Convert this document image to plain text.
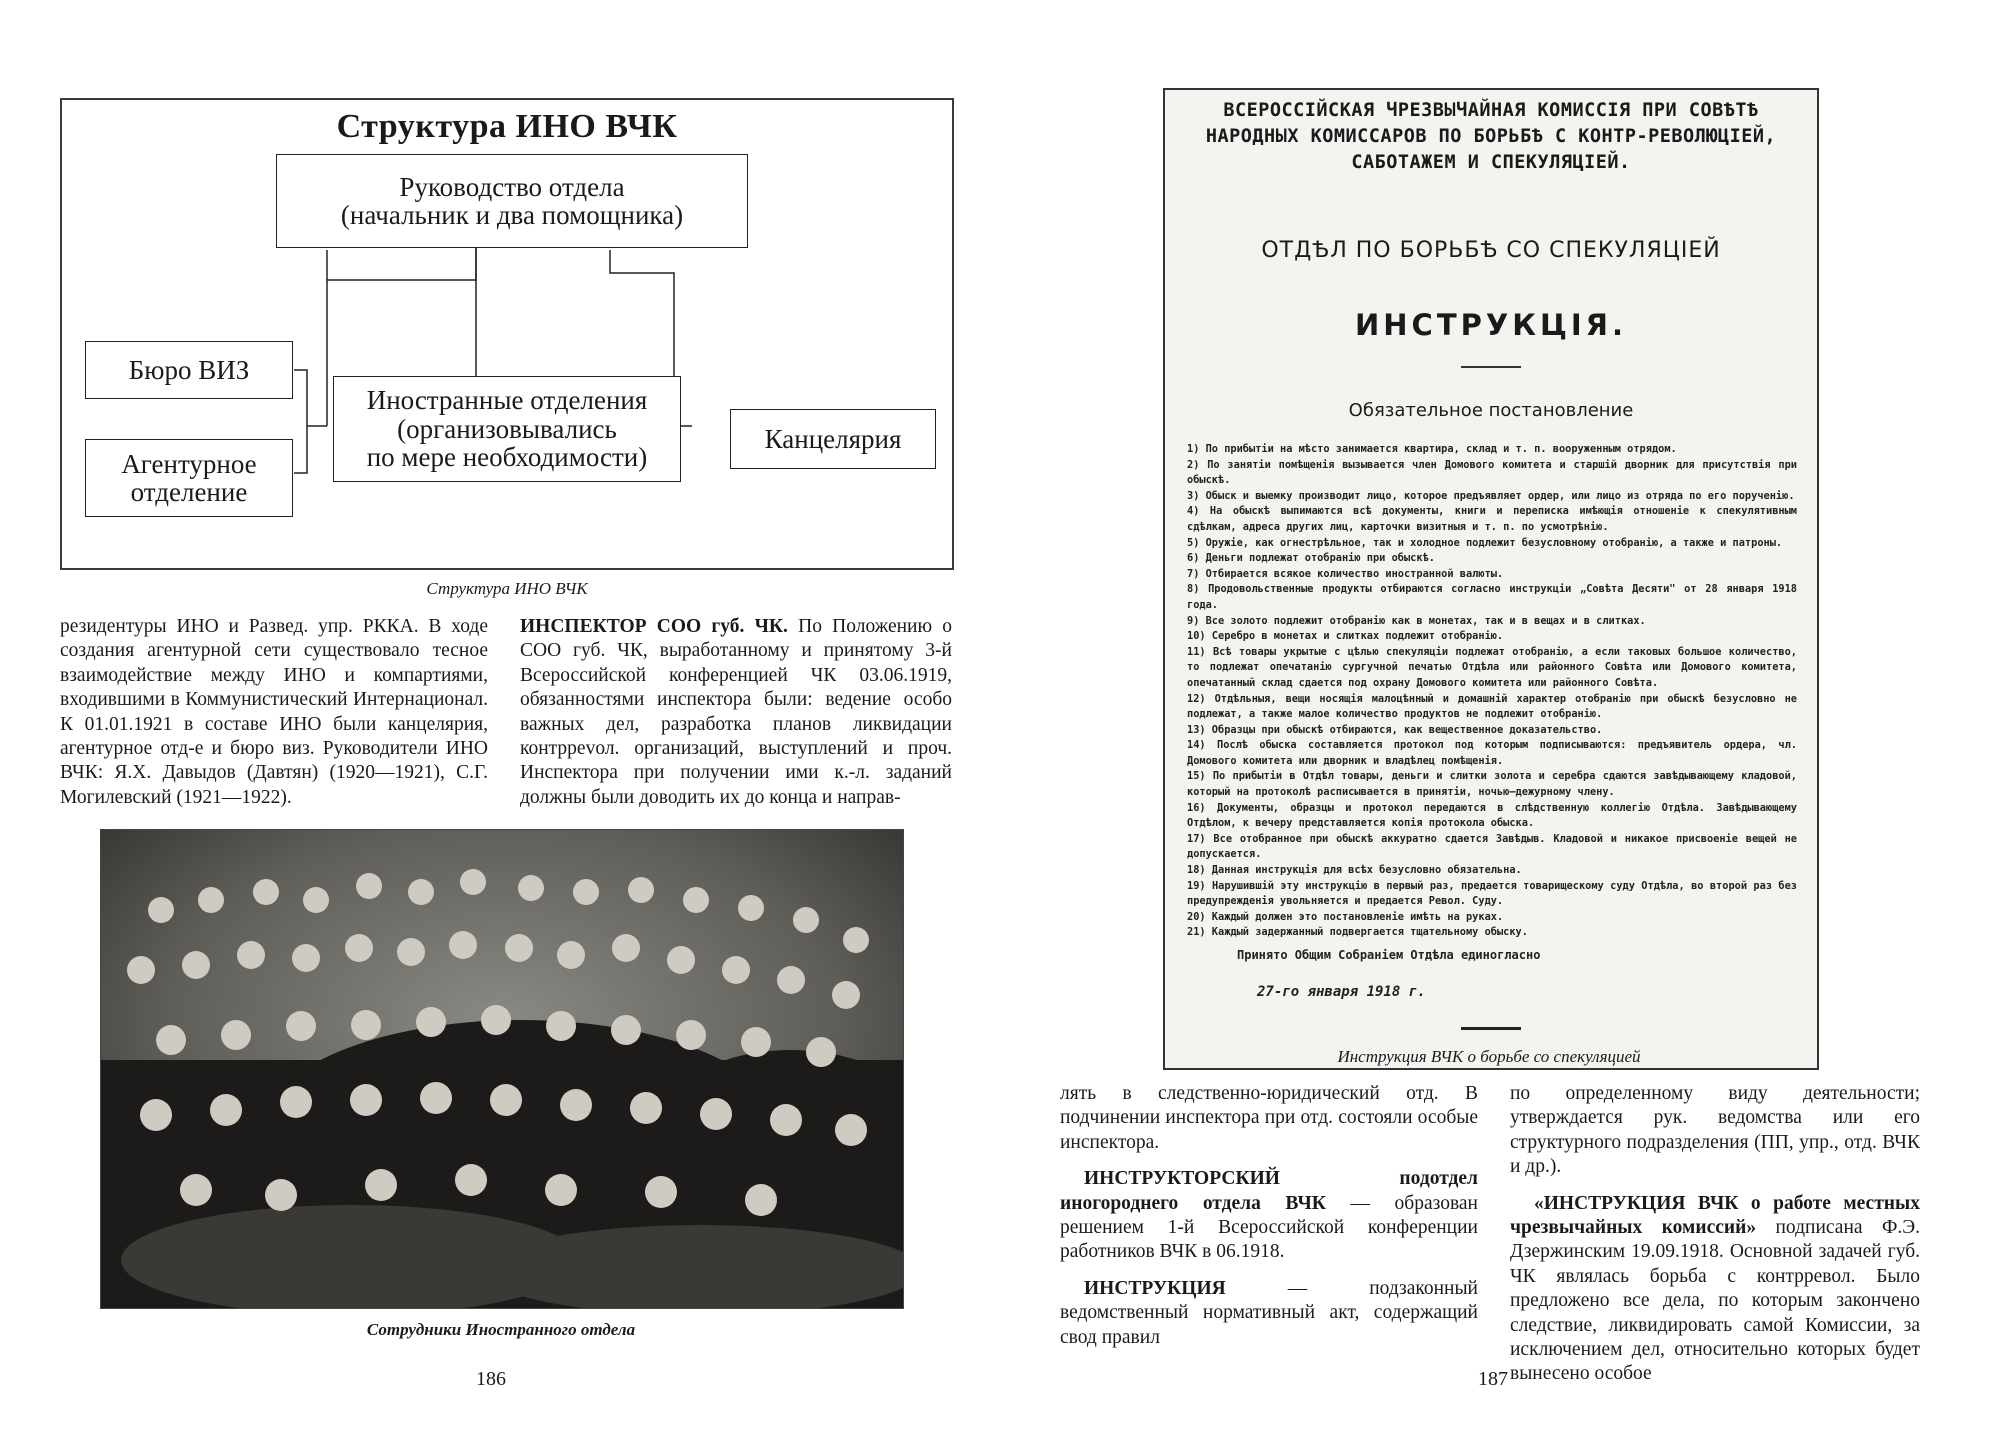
Структура ИНО ВЧК
Руководство отдела
(начальник и два помощника)
Бюро ВИЗ
Агентурное
отделение
Иностранные отделения
(организовывались
по мере необходимости)
Канцелярия
Структура ИНО ВЧК
резидентуры ИНО и Развед. упр. РККА. В ходе создания агентурной сети существовало тесное взаимодействие между ИНО и компартиями, входившими в Коммунистический Интернационал. К 01.01.1921 в составе ИНО были канцелярия, агентурное отд-е и бюро виз. Руководители ИНО ВЧК: Я.Х. Давыдов (Давтян) (1920—1921), С.Г. Могилевский (1921—1922).
ИНСПЕКТОР СОО губ. ЧК. По Положению о СОО губ. ЧК, выработанному и принятому 3-й Всероссийской конференцией ЧК 03.06.1919, обязанностями инспектора были: ведение особо важных дел, разработка планов ликвидации контррevол. организаций, выступлений и проч. Инспектора при получении ими к.-л. заданий должны были доводить их до конца и направ-
Сотрудники Иностранного отдела
186
ВСЕРОССІЙСКАЯ ЧРЕЗВЫЧАЙНАЯ КОМИССІЯ ПРИ СОВѢТѢ НАРОДНЫХ КОМИССАРОВ ПО БОРЬБѢ С КОНТР-РЕВОЛЮЦІЕЙ, САБОТАЖЕМ И СПЕКУЛЯЦІЕЙ.
ОТДѢЛ ПО БОРЬБѢ СО СПЕКУЛЯЦІЕЙ
ИНСТРУКЦІЯ.
Обязательное постановление
1) По прибытіи на мѣсто занимается квартира, склад и т. п. вооруженным отрядом.
2) По занятіи помѣщенія вызывается член Домового комитета и старшій дворник для присутствія при обыскѣ.
3) Обыск и выемку производит лицо, которое предъявляет ордер, или лицо из отряда по его порученію.
4) На обыскѣ выпимаются всѣ документы, книги и переписка имѣющія отношеніе к спекулятивным сдѣлкам, адреса других лиц, карточки визитныя и т. п. по усмотрѣнію.
5) Оружіе, как огнестрѣльное, так и холодное подлежит безусловному отобранію, а также и патроны.
6) Деньги подлежат отобранію при обыскѣ.
7) Отбирается всякое количество иностранной валюты.
8) Продовольственные продукты отбираются согласно инструкціи „Совѣта Десяти" от 28 января 1918 года.
9) Все золото подлежит отобранію как в монетах, так и в вещах и в слитках.
10) Серебро в монетах и слитках подлежит отобранію.
11) Всѣ товары укрытые с цѣлью спекуляціи подлежат отобранію, а если таковых большое количество, то подлежат опечатанію сургучной печатью Отдѣла или районного Совѣта или Домового комитета, опечатанный склад сдается под охрану Домового комитета или районного Совѣта.
12) Отдѣльныя, вещи носящія малоцѣнный и домашній характер отобранію при обыскѣ безусловно не подлежат, а также малое количество продуктов не подлежит отобранію.
13) Образцы при обыскѣ отбираются, как вещественное доказательство.
14) Послѣ обыска составляется протокол под которым подписываются: предъявитель ордера, чл. Домового комитета или дворник и владѣлец помѣщенія.
15) По прибытіи в Отдѣл товары, деньги и слитки золота и серебра сдаются завѣдывающему кладовой, который на протоколѣ расписывается в принятіи, ночью—дежурному члену.
16) Документы, образцы и протокол передаются в слѣдственную коллегію Отдѣла. Завѣдывающему Отдѣлом, к вечеру представляется копія протокола обыска.
17) Все отобранное при обыскѣ аккуратно сдается Завѣдыв. Кладовой и никакое присвоеніе вещей не допускается.
18) Данная инструкція для всѣх безусловно обязательна.
19) Нарушившій эту инструкцію в первый раз, предается товарищескому суду Отдѣла, во второй раз без предупрежденія увольняется и предается Револ. Суду.
20) Каждый должен это постановленіе имѣть на руках.
21) Каждый задержанный подвергается тщательному обыску.
Принято Общим Собраніем Отдѣла единогласно
27-го января 1918 г.
Инструкция ВЧК о борьбе со спекуляцией
лять в следственно-юридический отд. В подчинении инспектора при отд. состояли особые инспектора.
ИНСТРУКТОРСКИЙ подотдел иногороднего отдела ВЧК — образован решением 1-й Всероссийской конференции работников ВЧК в 06.1918.
ИНСТРУКЦИЯ — подзаконный ведомственный нормативный акт, содержащий свод правил
по определенному виду деятельности; утверждается рук. ведомства или его структурного подразделения (ПП, упр., отд. ВЧК и др.).
«ИНСТРУКЦИЯ ВЧК о работе местных чрезвычайных комиссий» подписана Ф.Э. Дзержинским 19.09.1918. Основной задачей губ. ЧК являлась борьба с контрревол. Было предложено все дела, по которым закончено следствие, ликвидировать самой Комиссии, за исключением дел, относительно которых будет вынесено особое
187
